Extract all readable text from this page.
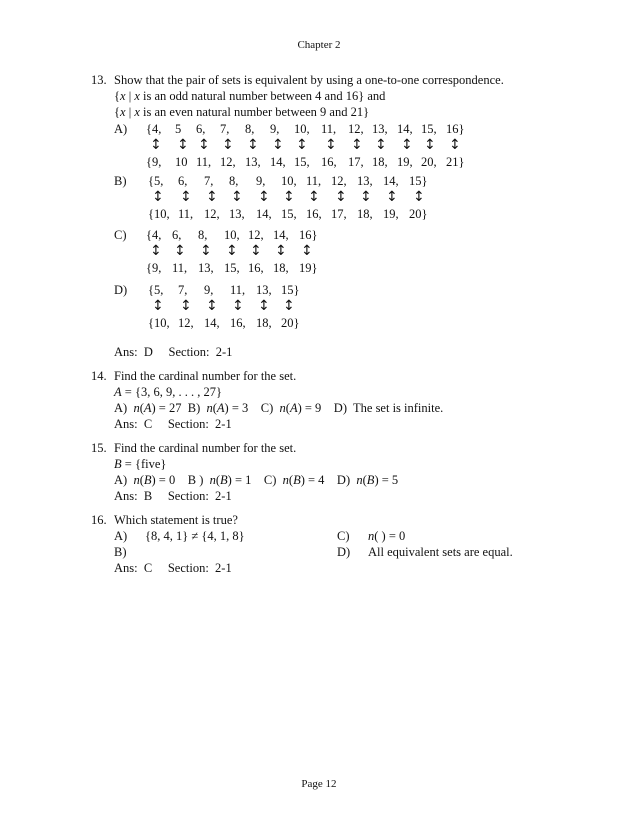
Chapter 2
13. Show that the pair of sets is equivalent by using a one-to-one correspondence.
{x | x is an odd natural number between 4 and 16} and
{x | x is an even natural number between 9 and 21}
A) {4,
↕
{9,
5
↕
10
6,
↕
11,
7,
↕
12,
8,
↕
13,
9,
↕
14,
10,
↕
15,
11,
↕
16,
12,
↕
17,
13,
↕
18,
14,
↕
19,
15,
↕
20,
16}
↕
21}
B) {5,
↕
{10,
6,
↕
11,
7,
↕
12,
8,
↕
13,
9,
↕
14,
10,
↕
15,
11,
↕
16,
12,
↕
17,
13,
↕
18,
14,
↕
19,
15}
↕
20}
C) {4,
↕
{9,
6,
↕
11,
8,
↕
13,
10,
↕
15,
12,
↕
16,
14,
↕
18,
16}
↕
19}
D) {5,
↕
{10,
7,
↕
12,
9,
↕
14,
11,
↕
16,
13,
↕
18,
15}
↕
20}
Ans:  D     Section:  2-1
14. Find the cardinal number for the set.
A = {3, 6, 9, . . . , 27}
A)  n(A) = 27  B)  n(A) = 3    C)  n(A) = 9    D)  The set is infinite.
Ans:  C     Section:  2-1
15. Find the cardinal number for the set.
B = {five}
A)  n(B) = 0    B )  n(B) = 1    C)  n(B) = 4    D)  n(B) = 5
Ans:  B     Section:  2-1
16. Which statement is true?
A) {8, 4, 1} ≠ {4, 1, 8}	C) n( ) = 0
B)	D) All equivalent sets are equal.
Ans:  C     Section:  2-1
Page 12
